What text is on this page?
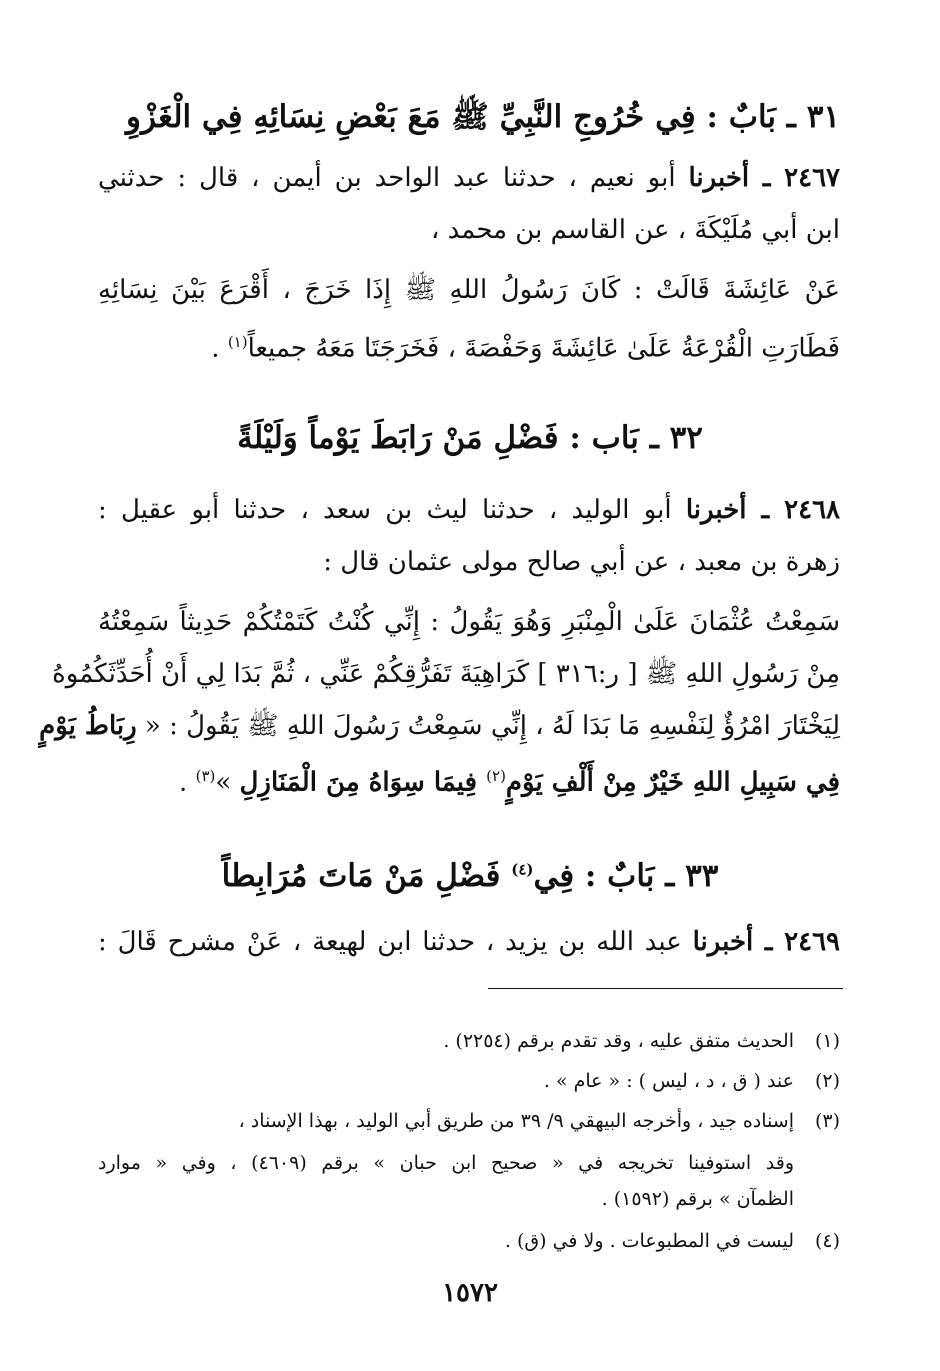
٣١ ـ بَابٌ : فِي خُرُوجِ النَّبِيِّ ﷺ مَعَ بَعْضِ نِسَائِهِ فِي الْغَزْوِ
٢٤٦٧ ـ أخبرنا أبو نعيم ، حدثنا عبد الواحد بن أيمن ، قال : حدثني
ابن أبي مُلَيْكَةَ ، عن القاسم بن محمد ،
عَنْ عَائِشَةَ قَالَتْ : كَانَ رَسُولُ اللهِ ﷺ إِذَا خَرَجَ ، أَقْرَعَ بَيْنَ نِسَائِهِ
فَطَارَتِ الْقُرْعَةُ عَلَىٰ عَائِشَةَ وَحَفْصَةَ ، فَخَرَجَتَا مَعَهُ جميعاً$^{(١)}$ .
٣٢ ـ بَاب : فَضْلِ مَنْ رَابَطَ يَوْماً وَلَيْلَةً
٢٤٦٨ ـ أخبرنا أبو الوليد ، حدثنا ليث بن سعد ، حدثنا أبو عقيل :
زهرة بن معبد ، عن أبي صالح مولى عثمان قال :
سَمِعْتُ عُثْمَانَ عَلَىٰ الْمِنْبَرِ وَهُوَ يَقُولُ : إِنِّي كُنْتُ كَتَمْتُكُمْ حَدِيثاً سَمِعْتُهُ
مِنْ رَسُولِ اللهِ ﷺ [ ر:٣١٦ ] كَرَاهِيَةَ تَفَرُّقِكُمْ عَنِّي ، ثُمَّ بَدَا لِي أَنْ أُحَدِّثَكُمُوهُ
لِيَخْتَارَ امْرُؤٌ لِنَفْسِهِ مَا بَدَا لَهُ ، إِنِّي سَمِعْتُ رَسُولَ اللهِ ﷺ يَقُولُ : « رِبَاطُ يَوْمٍ
فِي سَبِيلِ اللهِ خَيْرٌ مِنْ أَلْفِ يَوْمٍ$^{(٢)}$ فِيمَا سِوَاهُ مِنَ الْمَنَازِلِ »$^{(٣)}$ .
٣٣ ـ بَابٌ : فِي$^{(٤)}$ فَضْلِ مَنْ مَاتَ مُرَابِطاً
٢٤٦٩ ـ أخبرنا عبد الله بن يزيد ، حدثنا ابن لهيعة ، عَنْ مشرح قَالَ :
(١)الحديث متفق عليه ، وقد تقدم برقم (٢٢٥٤) .
(٢)عند ( ق ، د ، ليس ) : « عام » .
(٣)إسناده جيد ، وأخرجه البيهقي ٩/ ٣٩ من طريق أبي الوليد ، بهذا الإسناد ،
وقد استوفينا تخريجه في « صحيح ابن حبان » برقم (٤٦٠٩) ، وفي « موارد
الظمآن » برقم (١٥٩٢) .
(٤)ليست في المطبوعات . ولا في (ق) .
١٥٧٢
